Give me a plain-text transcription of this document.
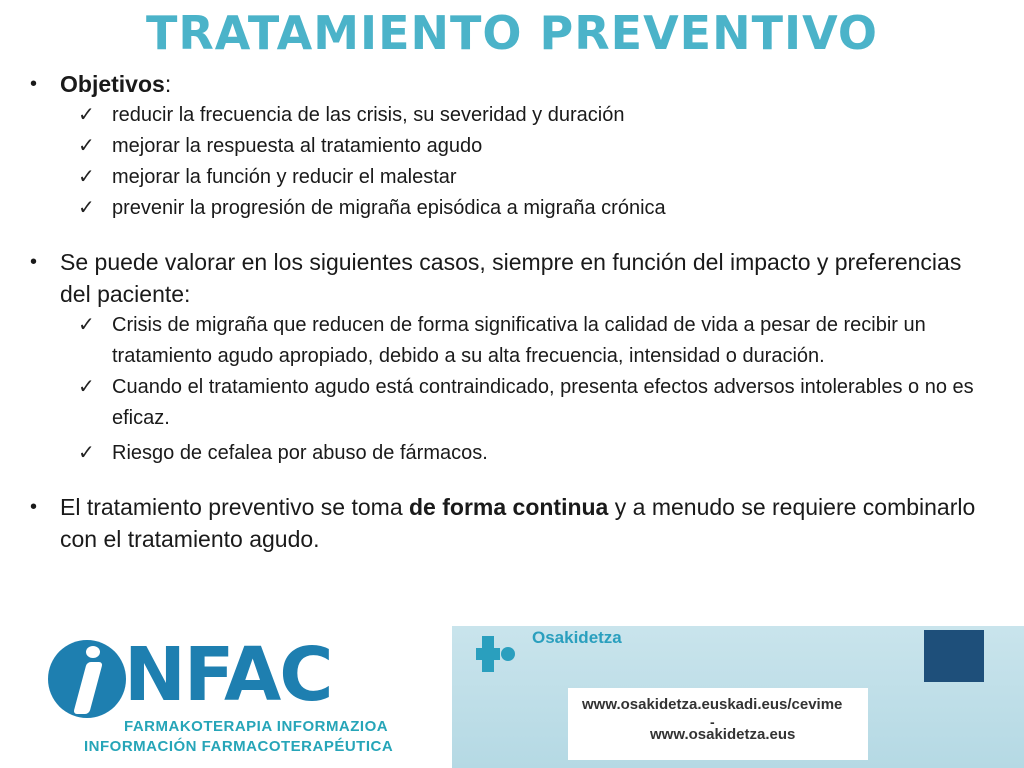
TRATAMIENTO PREVENTIVO
• Objetivos:
✓ reducir la frecuencia de las crisis, su severidad y duración
✓ mejorar la respuesta al tratamiento agudo
✓ mejorar la función y reducir el malestar
✓ prevenir la progresión de migraña episódica a migraña crónica
• Se puede valorar en los siguientes casos, siempre en función del impacto y preferencias del paciente:
✓ Crisis de migraña que reducen de forma significativa la calidad de vida a pesar de recibir un tratamiento agudo apropiado, debido a su alta frecuencia, intensidad o duración.
✓ Cuando el tratamiento agudo está contraindicado, presenta efectos adversos intolerables o no es eficaz.
✓ Riesgo de cefalea por abuso de fármacos.
• El tratamiento preventivo se toma de forma continua y a menudo se requiere combinarlo con el tratamiento agudo.
NFAC
FARMAKOTERAPIA INFORMAZIOA
INFORMACIÓN FARMACOTERAPÉUTICA
Osakidetza
www.osakidetza.euskadi.eus/cevime
-
www.osakidetza.eus
